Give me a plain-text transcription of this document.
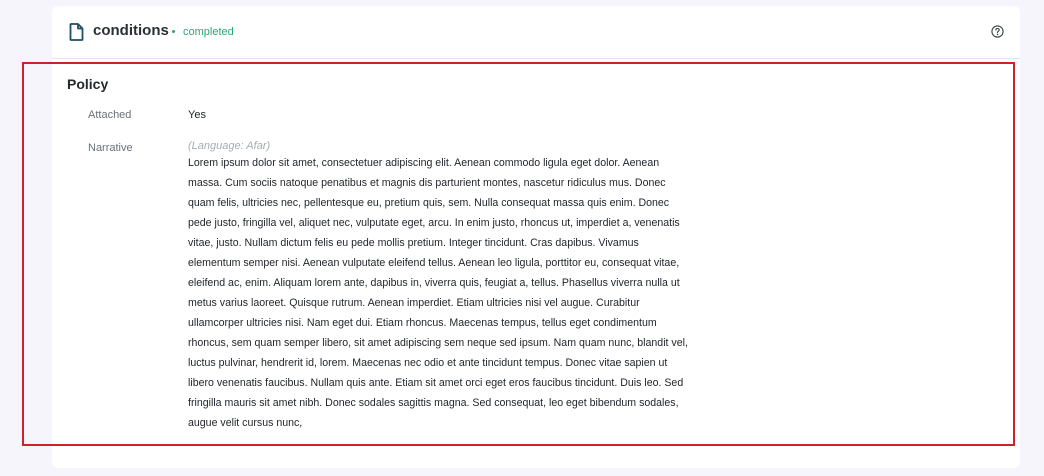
conditions completed
Policy
Attached	Yes
Narrative	(Language: Afar)
Lorem ipsum dolor sit amet, consectetuer adipiscing elit. Aenean commodo ligula eget dolor. Aenean massa. Cum sociis natoque penatibus et magnis dis parturient montes, nascetur ridiculus mus. Donec quam felis, ultricies nec, pellentesque eu, pretium quis, sem. Nulla consequat massa quis enim. Donec pede justo, fringilla vel, aliquet nec, vulputate eget, arcu. In enim justo, rhoncus ut, imperdiet a, venenatis vitae, justo. Nullam dictum felis eu pede mollis pretium. Integer tincidunt. Cras dapibus. Vivamus elementum semper nisi. Aenean vulputate eleifend tellus. Aenean leo ligula, porttitor eu, consequat vitae, eleifend ac, enim. Aliquam lorem ante, dapibus in, viverra quis, feugiat a, tellus. Phasellus viverra nulla ut metus varius laoreet. Quisque rutrum. Aenean imperdiet. Etiam ultricies nisi vel augue. Curabitur ullamcorper ultricies nisi. Nam eget dui. Etiam rhoncus. Maecenas tempus, tellus eget condimentum rhoncus, sem quam semper libero, sit amet adipiscing sem neque sed ipsum. Nam quam nunc, blandit vel, luctus pulvinar, hendrerit id, lorem. Maecenas nec odio et ante tincidunt tempus. Donec vitae sapien ut libero venenatis faucibus. Nullam quis ante. Etiam sit amet orci eget eros faucibus tincidunt. Duis leo. Sed fringilla mauris sit amet nibh. Donec sodales sagittis magna. Sed consequat, leo eget bibendum sodales, augue velit cursus nunc,
